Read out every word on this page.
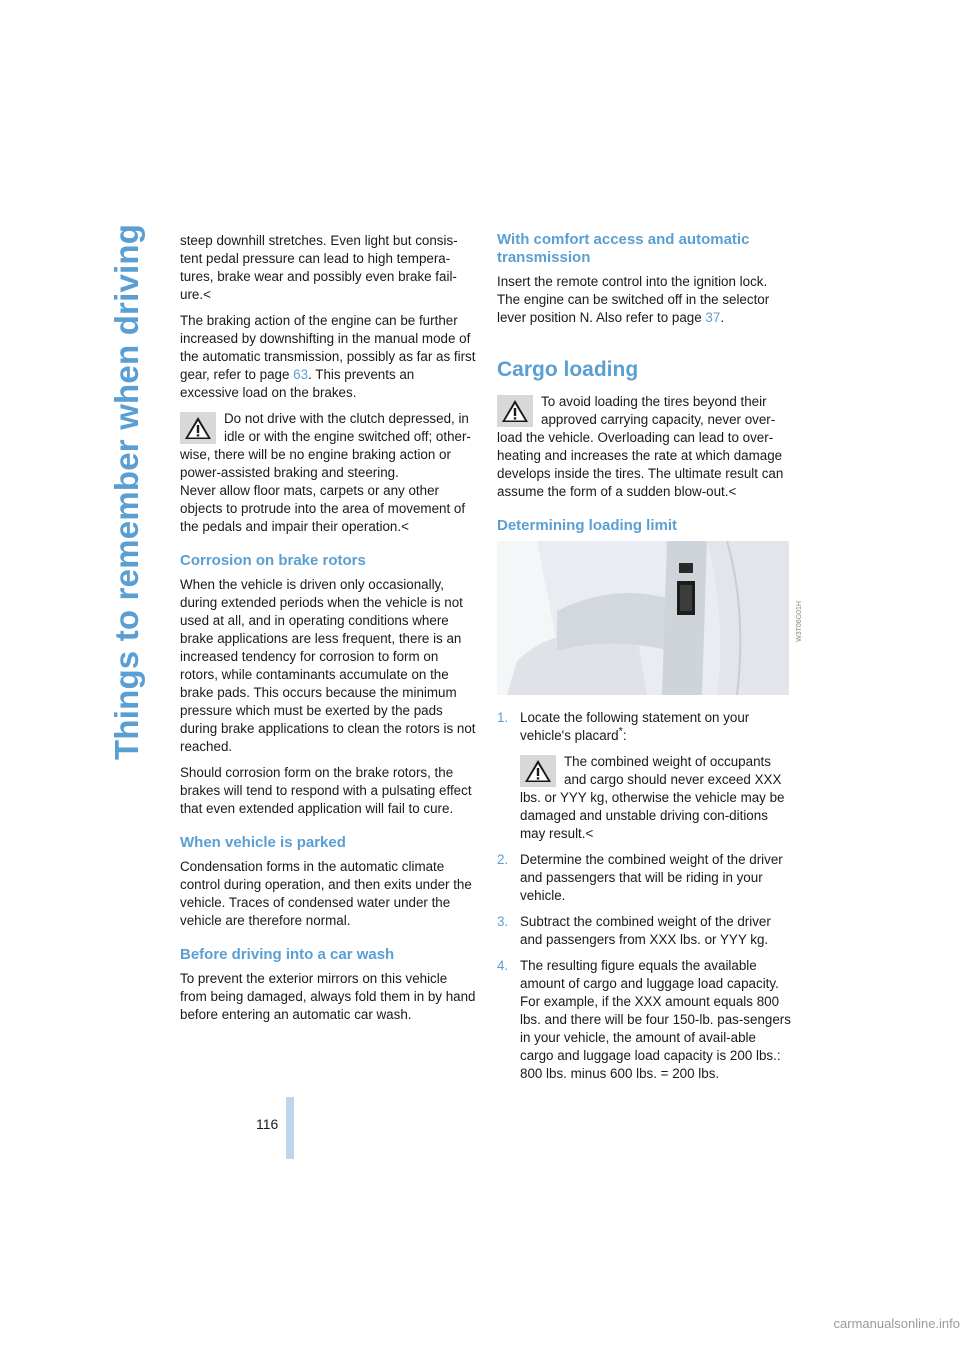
Things to remember when driving
116

steep downhill stretches. Even light but consis-tent pedal pressure can lead to high tempera-tures, brake wear and possibly even brake fail-ure.<

The braking action of the engine can be further increased by downshifting in the manual mode of the automatic transmission, possibly as far as first gear, refer to page 63. This prevents an excessive load on the brakes.

Do not drive with the clutch depressed, in idle or with the engine switched off; other-wise, there will be no engine braking action or power-assisted braking and steering.
Never allow floor mats, carpets or any other objects to protrude into the area of movement of the pedals and impair their operation.<
Corrosion on brake rotors

When the vehicle is driven only occasionally, during extended periods when the vehicle is not used at all, and in operating conditions where brake applications are less frequent, there is an increased tendency for corrosion to form on rotors, while contaminants accumulate on the brake pads. This occurs because the minimum pressure which must be exerted by the pads during brake applications to clean the rotors is not reached.

Should corrosion form on the brake rotors, the brakes will tend to respond with a pulsating effect that even extended application will fail to cure.

When vehicle is parked

Condensation forms in the automatic climate control during operation, and then exits under the vehicle. Traces of condensed water under the vehicle are therefore normal.

Before driving into a car wash

To prevent the exterior mirrors on this vehicle from being damaged, always fold them in by hand before entering an automatic car wash.

With comfort access and automatic transmission

Insert the remote control into the ignition lock. The engine can be switched off in the selector lever position N. Also refer to page 37.

Cargo loading
To avoid loading the tires beyond their approved carrying capacity, never over-load the vehicle. Overloading can lead to over-heating and increases the rate at which damage develops inside the tires. The ultimate result can assume the form of a sudden blow-out.<
Determining loading limit
W3T06G01H
1. Locate the following statement on your vehicle's placard*:
The combined weight of occupants and cargo should never exceed XXX lbs. or YYY kg, otherwise the vehicle may be damaged and unstable driving con-ditions may result.<
2. Determine the combined weight of the driver and passengers that will be riding in your vehicle.
3. Subtract the combined weight of the driver and passengers from XXX lbs. or YYY kg.
4. The resulting figure equals the available amount of cargo and luggage load capacity. For example, if the XXX amount equals 800 lbs. and there will be four 150-lb. pas-sengers in your vehicle, the amount of avail-able cargo and luggage load capacity is 200 lbs.:
800 lbs. minus 600 lbs. = 200 lbs.
carmanualsonline.info
